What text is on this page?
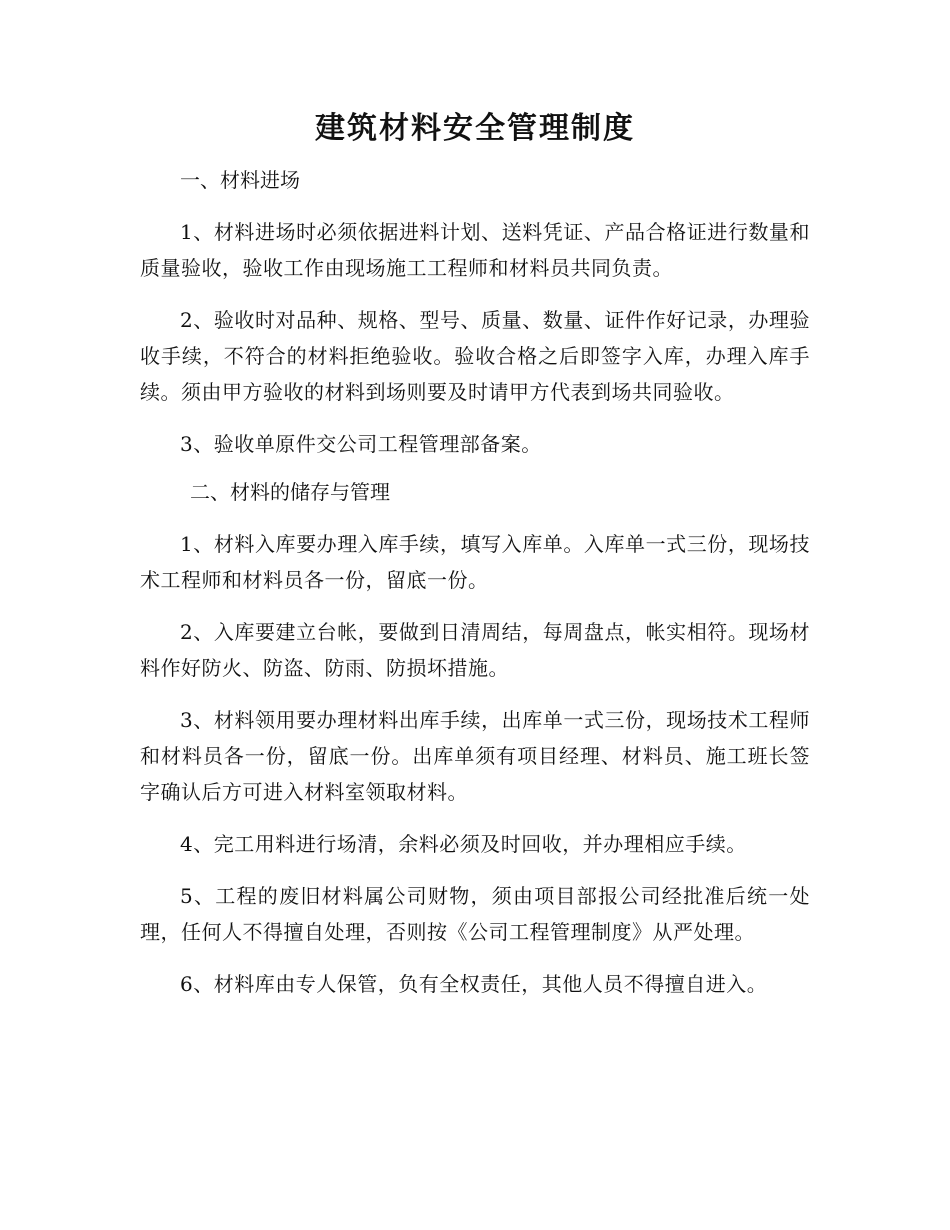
建筑材料安全管理制度

一、材料进场

1、材料进场时必须依据进料计划、送料凭证、产品合格证进行数量和质量验收，验收工作由现场施工工程师和材料员共同负责。

2、验收时对品种、规格、型号、质量、数量、证件作好记录，办理验收手续，不符合的材料拒绝验收。验收合格之后即签字入库，办理入库手续。须由甲方验收的材料到场则要及时请甲方代表到场共同验收。

3、验收单原件交公司工程管理部备案。

二、材料的储存与管理

1、材料入库要办理入库手续，填写入库单。入库单一式三份，现场技术工程师和材料员各一份，留底一份。

2、入库要建立台帐，要做到日清周结，每周盘点，帐实相符。现场材料作好防火、防盗、防雨、防损坏措施。

3、材料领用要办理材料出库手续，出库单一式三份，现场技术工程师和材料员各一份，留底一份。出库单须有项目经理、材料员、施工班长签字确认后方可进入材料室领取材料。

4、完工用料进行场清，余料必须及时回收，并办理相应手续。

5、工程的废旧材料属公司财物，须由项目部报公司经批准后统一处理，任何人不得擅自处理，否则按《公司工程管理制度》从严处理。

6、材料库由专人保管，负有全权责任，其他人员不得擅自进入。
